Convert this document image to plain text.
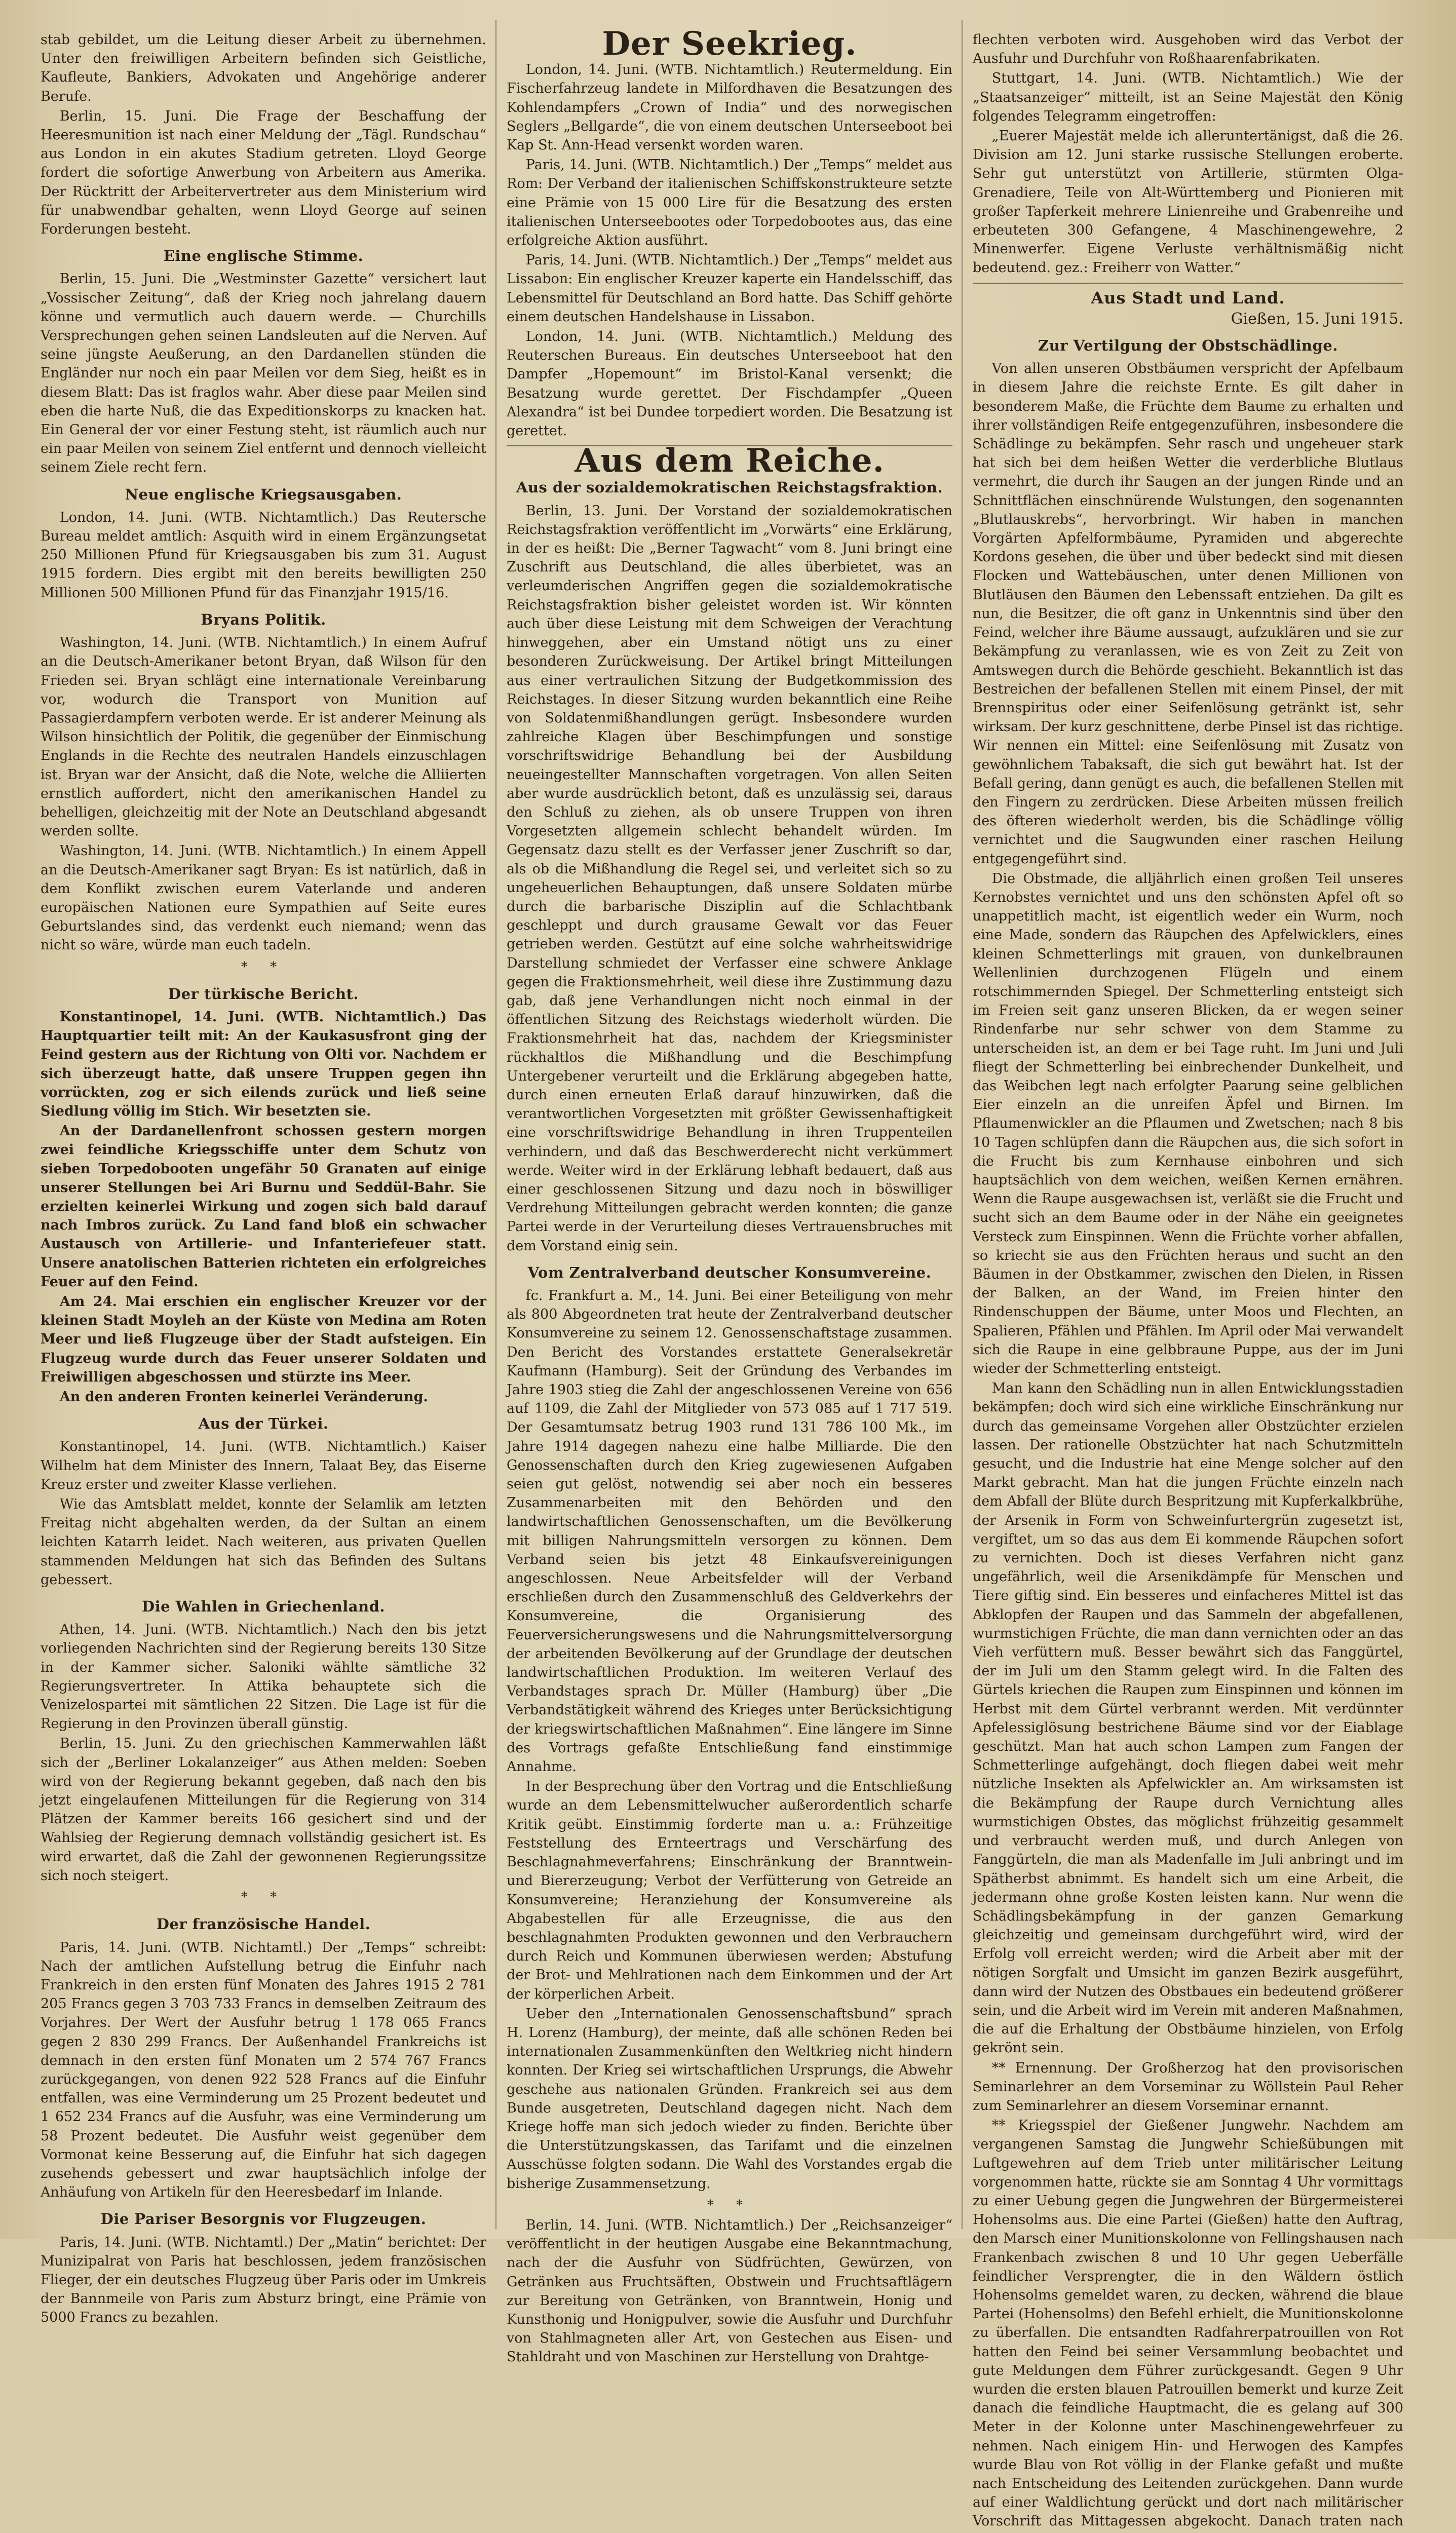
stab gebildet, um die Leitung dieser Arbeit zu übernehmen. Unter den freiwilligen Arbeitern befinden sich Geistliche, Kaufleute, Bankiers, Advokaten und Angehörige anderer Berufe.

Berlin, 15. Juni. Die Frage der Beschaffung der Heeresmunition ist nach einer Meldung der „Tägl. Rundschau“ aus London in ein akutes Stadium getreten. Lloyd George fordert die sofortige Anwerbung von Arbeitern aus Amerika. Der Rücktritt der Arbeitervertreter aus dem Ministerium wird für unabwendbar gehalten, wenn Lloyd George auf seinen Forderungen besteht.

Eine englische Stimme.

Berlin, 15. Juni. Die „Westminster Gazette“ versichert laut „Vossischer Zeitung“, daß der Krieg noch jahrelang dauern könne und vermutlich auch dauern werde. — Churchills Versprechungen gehen seinen Landsleuten auf die Nerven. Auf seine jüngste Aeußerung, an den Dardanellen stünden die Engländer nur noch ein paar Meilen vor dem Sieg, heißt es in diesem Blatt: Das ist fraglos wahr. Aber diese paar Meilen sind eben die harte Nuß, die das Expeditionskorps zu knacken hat. Ein General der vor einer Festung steht, ist räumlich auch nur ein paar Meilen von seinem Ziel entfernt und dennoch vielleicht seinem Ziele recht fern.

Neue englische Kriegsausgaben.

London, 14. Juni. (WTB. Nichtamtlich.) Das Reutersche Bureau meldet amtlich: Asquith wird in einem Ergänzungsetat 250 Millionen Pfund für Kriegsausgaben bis zum 31. August 1915 fordern. Dies ergibt mit den bereits bewilligten 250 Millionen 500 Millionen Pfund für das Finanzjahr 1915/16.

Bryans Politik.

Washington, 14. Juni. (WTB. Nichtamtlich.) In einem Aufruf an die Deutsch-Amerikaner betont Bryan, daß Wilson für den Frieden sei. Bryan schlägt eine internationale Vereinbarung vor, wodurch die Transport von Munition auf Passagierdampfern verboten werde. Er ist anderer Meinung als Wilson hinsichtlich der Politik, die gegenüber der Einmischung Englands in die Rechte des neutralen Handels einzuschlagen ist. Bryan war der Ansicht, daß die Note, welche die Alliierten ernstlich auffordert, nicht den amerikanischen Handel zu behelligen, gleichzeitig mit der Note an Deutschland abgesandt werden sollte.

Washington, 14. Juni. (WTB. Nichtamtlich.) In einem Appell an die Deutsch-Amerikaner sagt Bryan: Es ist natürlich, daß in dem Konflikt zwischen eurem Vaterlande und anderen europäischen Nationen eure Sympathien auf Seite eures Geburtslandes sind, das verdenkt euch niemand; wenn das nicht so wäre, würde man euch tadeln.

* *
Der türkische Bericht.

Konstantinopel, 14. Juni. (WTB. Nichtamtlich.) Das Hauptquartier teilt mit: An der Kaukasusfront ging der Feind gestern aus der Richtung von Olti vor. Nachdem er sich überzeugt hatte, daß unsere Truppen gegen ihn vorrückten, zog er sich eilends zurück und ließ seine Siedlung völlig im Stich. Wir besetzten sie.

An der Dardanellenfront schossen gestern morgen zwei feindliche Kriegsschiffe unter dem Schutz von sieben Torpedobooten ungefähr 50 Granaten auf einige unserer Stellungen bei Ari Burnu und Seddül-Bahr. Sie erzielten keinerlei Wirkung und zogen sich bald darauf nach Imbros zurück. Zu Land fand bloß ein schwacher Austausch von Artillerie- und Infanteriefeuer statt. Unsere anatolischen Batterien richteten ein erfolgreiches Feuer auf den Feind.

Am 24. Mai erschien ein englischer Kreuzer vor der kleinen Stadt Moyleh an der Küste von Medina am Roten Meer und ließ Flugzeuge über der Stadt aufsteigen. Ein Flugzeug wurde durch das Feuer unserer Soldaten und Freiwilligen abgeschossen und stürzte ins Meer.

An den anderen Fronten keinerlei Veränderung.

Aus der Türkei.

Konstantinopel, 14. Juni. (WTB. Nichtamtlich.) Kaiser Wilhelm hat dem Minister des Innern, Talaat Bey, das Eiserne Kreuz erster und zweiter Klasse verliehen.

Wie das Amtsblatt meldet, konnte der Selamlik am letzten Freitag nicht abgehalten werden, da der Sultan an einem leichten Katarrh leidet. Nach weiteren, aus privaten Quellen stammenden Meldungen hat sich das Befinden des Sultans gebessert.

Die Wahlen in Griechenland.

Athen, 14. Juni. (WTB. Nichtamtlich.) Nach den bis jetzt vorliegenden Nachrichten sind der Regierung bereits 130 Sitze in der Kammer sicher. Saloniki wählte sämtliche 32 Regierungsvertreter. In Attika behauptete sich die Venizelospartei mit sämtlichen 22 Sitzen. Die Lage ist für die Regierung in den Provinzen überall günstig.

Berlin, 15. Juni. Zu den griechischen Kammerwahlen läßt sich der „Berliner Lokalanzeiger“ aus Athen melden: Soeben wird von der Regierung bekannt gegeben, daß nach den bis jetzt eingelaufenen Mitteilungen für die Regierung von 314 Plätzen der Kammer bereits 166 gesichert sind und der Wahlsieg der Regierung demnach vollständig gesichert ist. Es wird erwartet, daß die Zahl der gewonnenen Regierungssitze sich noch steigert.

* *
Der französische Handel.

Paris, 14. Juni. (WTB. Nichtamtl.) Der „Temps“ schreibt: Nach der amtlichen Aufstellung betrug die Einfuhr nach Frankreich in den ersten fünf Monaten des Jahres 1915 2 781 205 Francs gegen 3 703 733 Francs in demselben Zeitraum des Vorjahres. Der Wert der Ausfuhr betrug 1 178 065 Francs gegen 2 830 299 Francs. Der Außenhandel Frankreichs ist demnach in den ersten fünf Monaten um 2 574 767 Francs zurückgegangen, von denen 922 528 Francs auf die Einfuhr entfallen, was eine Verminderung um 25 Prozent bedeutet und 1 652 234 Francs auf die Ausfuhr, was eine Verminderung um 58 Prozent bedeutet. Die Ausfuhr weist gegenüber dem Vormonat keine Besserung auf, die Einfuhr hat sich dagegen zusehends gebessert und zwar hauptsächlich infolge der Anhäufung von Artikeln für den Heeresbedarf im Inlande.

Die Pariser Besorgnis vor Flugzeugen.

Paris, 14. Juni. (WTB. Nichtamtl.) Der „Matin“ berichtet: Der Munizipalrat von Paris hat beschlossen, jedem französischen Flieger, der ein deutsches Flugzeug über Paris oder im Umkreis der Bannmeile von Paris zum Absturz bringt, eine Prämie von 5000 Francs zu bezahlen.

Der Seekrieg.

London, 14. Juni. (WTB. Nichtamtlich.) Reutermeldung. Ein Fischerfahrzeug landete in Milfordhaven die Besatzungen des Kohlendampfers „Crown of India“ und des norwegischen Seglers „Bellgarde“, die von einem deutschen Unterseeboot bei Kap St. Ann-Head versenkt worden waren.

Paris, 14. Juni. (WTB. Nichtamtlich.) Der „Temps“ meldet aus Rom: Der Verband der italienischen Schiffskonstrukteure setzte eine Prämie von 15 000 Lire für die Besatzung des ersten italienischen Unterseebootes oder Torpedobootes aus, das eine erfolgreiche Aktion ausführt.

Paris, 14. Juni. (WTB. Nichtamtlich.) Der „Temps“ meldet aus Lissabon: Ein englischer Kreuzer kaperte ein Handelsschiff, das Lebensmittel für Deutschland an Bord hatte. Das Schiff gehörte einem deutschen Handelshause in Lissabon.

London, 14. Juni. (WTB. Nichtamtlich.) Meldung des Reuterschen Bureaus. Ein deutsches Unterseeboot hat den Dampfer „Hopemount“ im Bristol-Kanal versenkt; die Besatzung wurde gerettet. Der Fischdampfer „Queen Alexandra“ ist bei Dundee torpediert worden. Die Besatzung ist gerettet.

Aus dem Reiche.
Aus der sozialdemokratischen Reichstagsfraktion.

Berlin, 13. Juni. Der Vorstand der sozialdemokratischen Reichstagsfraktion veröffentlicht im „Vorwärts“ eine Erklärung, in der es heißt: Die „Berner Tagwacht“ vom 8. Juni bringt eine Zuschrift aus Deutschland, die alles überbietet, was an verleumderischen Angriffen gegen die sozialdemokratische Reichstagsfraktion bisher geleistet worden ist. Wir könnten auch über diese Leistung mit dem Schweigen der Verachtung hinweggehen, aber ein Umstand nötigt uns zu einer besonderen Zurückweisung. Der Artikel bringt Mitteilungen aus einer vertraulichen Sitzung der Budgetkommission des Reichstages. In dieser Sitzung wurden bekanntlich eine Reihe von Soldatenmißhandlungen gerügt. Insbesondere wurden zahlreiche Klagen über Beschimpfungen und sonstige vorschriftswidrige Behandlung bei der Ausbildung neueingestellter Mannschaften vorgetragen. Von allen Seiten aber wurde ausdrücklich betont, daß es unzulässig sei, daraus den Schluß zu ziehen, als ob unsere Truppen von ihren Vorgesetzten allgemein schlecht behandelt würden. Im Gegensatz dazu stellt es der Verfasser jener Zuschrift so dar, als ob die Mißhandlung die Regel sei, und verleitet sich so zu ungeheuerlichen Behauptungen, daß unsere Soldaten mürbe durch die barbarische Disziplin auf die Schlachtbank geschleppt und durch grausame Gewalt vor das Feuer getrieben werden. Gestützt auf eine solche wahrheitswidrige Darstellung schmiedet der Verfasser eine schwere Anklage gegen die Fraktionsmehrheit, weil diese ihre Zustimmung dazu gab, daß jene Verhandlungen nicht noch einmal in der öffentlichen Sitzung des Reichstags wiederholt würden. Die Fraktionsmehrheit hat das, nachdem der Kriegsminister rückhaltlos die Mißhandlung und die Beschimpfung Untergebener verurteilt und die Erklärung abgegeben hatte, durch einen erneuten Erlaß darauf hinzuwirken, daß die verantwortlichen Vorgesetzten mit größter Gewissenhaftigkeit eine vorschriftswidrige Behandlung in ihren Truppenteilen verhindern, und daß das Beschwerderecht nicht verkümmert werde. Weiter wird in der Erklärung lebhaft bedauert, daß aus einer geschlossenen Sitzung und dazu noch in böswilliger Verdrehung Mitteilungen gebracht werden konnten; die ganze Partei werde in der Verurteilung dieses Vertrauensbruches mit dem Vorstand einig sein.

Vom Zentralverband deutscher Konsumvereine.

fc. Frankfurt a. M., 14. Juni. Bei einer Beteiligung von mehr als 800 Abgeordneten trat heute der Zentralverband deutscher Konsumvereine zu seinem 12. Genossenschaftstage zusammen. Den Bericht des Vorstandes erstattete Generalsekretär Kaufmann (Hamburg). Seit der Gründung des Verbandes im Jahre 1903 stieg die Zahl der angeschlossenen Vereine von 656 auf 1109, die Zahl der Mitglieder von 573 085 auf 1 717 519. Der Gesamtumsatz betrug 1903 rund 131 786 100 Mk., im Jahre 1914 dagegen nahezu eine halbe Milliarde. Die den Genossenschaften durch den Krieg zugewiesenen Aufgaben seien gut gelöst, notwendig sei aber noch ein besseres Zusammenarbeiten mit den Behörden und den landwirtschaftlichen Genossenschaften, um die Bevölkerung mit billigen Nahrungsmitteln versorgen zu können. Dem Verband seien bis jetzt 48 Einkaufsvereinigungen angeschlossen. Neue Arbeitsfelder will der Verband erschließen durch den Zusammenschluß des Geldverkehrs der Konsumvereine, die Organisierung des Feuerversicherungswesens und die Nahrungsmittelversorgung der arbeitenden Bevölkerung auf der Grundlage der deutschen landwirtschaftlichen Produktion. Im weiteren Verlauf des Verbandstages sprach Dr. Müller (Hamburg) über „Die Verbandstätigkeit während des Krieges unter Berücksichtigung der kriegswirtschaftlichen Maßnahmen“. Eine längere im Sinne des Vortrags gefaßte Entschließung fand einstimmige Annahme.

In der Besprechung über den Vortrag und die Entschließung wurde an dem Lebensmittelwucher außerordentlich scharfe Kritik geübt. Einstimmig forderte man u. a.: Frühzeitige Feststellung des Ernteertrags und Verschärfung des Beschlagnahmeverfahrens; Einschränkung der Branntwein- und Biererzeugung; Verbot der Verfütterung von Getreide an Konsumvereine; Heranziehung der Konsumvereine als Abgabestellen für alle Erzeugnisse, die aus den beschlagnahmten Produkten gewonnen und den Verbrauchern durch Reich und Kommunen überwiesen werden; Abstufung der Brot- und Mehlrationen nach dem Einkommen und der Art der körperlichen Arbeit.

Ueber den „Internationalen Genossenschaftsbund“ sprach H. Lorenz (Hamburg), der meinte, daß alle schönen Reden bei internationalen Zusammenkünften den Weltkrieg nicht hindern konnten. Der Krieg sei wirtschaftlichen Ursprungs, die Abwehr geschehe aus nationalen Gründen. Frankreich sei aus dem Bunde ausgetreten, Deutschland dagegen nicht. Nach dem Kriege hoffe man sich jedoch wieder zu finden. Berichte über die Unterstützungskassen, das Tarifamt und die einzelnen Ausschüsse folgten sodann. Die Wahl des Vorstandes ergab die bisherige Zusammensetzung.

* *

Berlin, 14. Juni. (WTB. Nichtamtlich.) Der „Reichsanzeiger“ veröffentlicht in der heutigen Ausgabe eine Bekanntmachung, nach der die Ausfuhr von Südfrüchten, Gewürzen, von Getränken aus Fruchtsäften, Obstwein und Fruchtsaftlägern zur Bereitung von Getränken, von Branntwein, Honig und Kunsthonig und Honigpulver, sowie die Ausfuhr und Durchfuhr von Stahlmagneten aller Art, von Gestechen aus Eisen- und Stahldraht und von Maschinen zur Herstellung von Drahtge-

flechten verboten wird. Ausgehoben wird das Verbot der Ausfuhr und Durchfuhr von Roßhaarenfabrikaten.

Stuttgart, 14. Juni. (WTB. Nichtamtlich.) Wie der „Staatsanzeiger“ mitteilt, ist an Seine Majestät den König folgendes Telegramm eingetroffen:

„Euerer Majestät melde ich alleruntertänigst, daß die 26. Division am 12. Juni starke russische Stellungen eroberte. Sehr gut unterstützt von Artillerie, stürmten Olga-Grenadiere, Teile von Alt-Württemberg und Pionieren mit großer Tapferkeit mehrere Linienreihe und Grabenreihe und erbeuteten 300 Gefangene, 4 Maschinengewehre, 2 Minenwerfer. Eigene Verluste verhältnismäßig nicht bedeutend. gez.: Freiherr von Watter.“

Aus Stadt und Land.
Gießen, 15. Juni 1915.
Zur Vertilgung der Obstschädlinge.

Von allen unseren Obstbäumen verspricht der Apfelbaum in diesem Jahre die reichste Ernte. Es gilt daher in besonderem Maße, die Früchte dem Baume zu erhalten und ihrer vollständigen Reife entgegenzuführen, insbesondere die Schädlinge zu bekämpfen. Sehr rasch und ungeheuer stark hat sich bei dem heißen Wetter die verderbliche Blutlaus vermehrt, die durch ihr Saugen an der jungen Rinde und an Schnittflächen einschnürende Wulstungen, den sogenannten „Blutlauskrebs“, hervorbringt. Wir haben in manchen Vorgärten Apfelformbäume, Pyramiden und abgerechte Kordons gesehen, die über und über bedeckt sind mit diesen Flocken und Wattebäuschen, unter denen Millionen von Blutläusen den Bäumen den Lebenssaft entziehen. Da gilt es nun, die Besitzer, die oft ganz in Unkenntnis sind über den Feind, welcher ihre Bäume aussaugt, aufzuklären und sie zur Bekämpfung zu veranlassen, wie es von Zeit zu Zeit von Amtswegen durch die Behörde geschieht. Bekanntlich ist das Bestreichen der befallenen Stellen mit einem Pinsel, der mit Brennspiritus oder einer Seifenlösung getränkt ist, sehr wirksam. Der kurz geschnittene, derbe Pinsel ist das richtige. Wir nennen ein Mittel: eine Seifenlösung mit Zusatz von gewöhnlichem Tabaksaft, die sich gut bewährt hat. Ist der Befall gering, dann genügt es auch, die befallenen Stellen mit den Fingern zu zerdrücken. Diese Arbeiten müssen freilich des öfteren wiederholt werden, bis die Schädlinge völlig vernichtet und die Saugwunden einer raschen Heilung entgegengeführt sind.

Die Obstmade, die alljährlich einen großen Teil unseres Kernobstes vernichtet und uns den schönsten Apfel oft so unappetitlich macht, ist eigentlich weder ein Wurm, noch eine Made, sondern das Räupchen des Apfelwicklers, eines kleinen Schmetterlings mit grauen, von dunkelbraunen Wellenlinien durchzogenen Flügeln und einem rotschimmernden Spiegel. Der Schmetterling entsteigt sich im Freien seit ganz unseren Blicken, da er wegen seiner Rindenfarbe nur sehr schwer von dem Stamme zu unterscheiden ist, an dem er bei Tage ruht. Im Juni und Juli fliegt der Schmetterling bei einbrechender Dunkelheit, und das Weibchen legt nach erfolgter Paarung seine gelblichen Eier einzeln an die unreifen Äpfel und Birnen. Im Pflaumenwickler an die Pflaumen und Zwetschen; nach 8 bis 10 Tagen schlüpfen dann die Räupchen aus, die sich sofort in die Frucht bis zum Kernhause einbohren und sich hauptsächlich von dem weichen, weißen Kernen ernähren. Wenn die Raupe ausgewachsen ist, verläßt sie die Frucht und sucht sich an dem Baume oder in der Nähe ein geeignetes Versteck zum Einspinnen. Wenn die Früchte vorher abfallen, so kriecht sie aus den Früchten heraus und sucht an den Bäumen in der Obstkammer, zwischen den Dielen, in Rissen der Balken, an der Wand, im Freien hinter den Rindenschuppen der Bäume, unter Moos und Flechten, an Spalieren, Pfählen und Pfählen. Im April oder Mai verwandelt sich die Raupe in eine gelbbraune Puppe, aus der im Juni wieder der Schmetterling entsteigt.

Man kann den Schädling nun in allen Entwicklungsstadien bekämpfen; doch wird sich eine wirkliche Einschränkung nur durch das gemeinsame Vorgehen aller Obstzüchter erzielen lassen. Der rationelle Obstzüchter hat nach Schutzmitteln gesucht, und die Industrie hat eine Menge solcher auf den Markt gebracht. Man hat die jungen Früchte einzeln nach dem Abfall der Blüte durch Bespritzung mit Kupferkalkbrühe, der Arsenik in Form von Schweinfurtergrün zugesetzt ist, vergiftet, um so das aus dem Ei kommende Räupchen sofort zu vernichten. Doch ist dieses Verfahren nicht ganz ungefährlich, weil die Arsenikdämpfe für Menschen und Tiere giftig sind. Ein besseres und einfacheres Mittel ist das Abklopfen der Raupen und das Sammeln der abgefallenen, wurmstichigen Früchte, die man dann vernichten oder an das Vieh verfüttern muß. Besser bewährt sich das Fanggürtel, der im Juli um den Stamm gelegt wird. In die Falten des Gürtels kriechen die Raupen zum Einspinnen und können im Herbst mit dem Gürtel verbrannt werden. Mit verdünnter Apfelessiglösung bestrichene Bäume sind vor der Eiablage geschützt. Man hat auch schon Lampen zum Fangen der Schmetterlinge aufgehängt, doch fliegen dabei weit mehr nützliche Insekten als Apfelwickler an. Am wirksamsten ist die Bekämpfung der Raupe durch Vernichtung alles wurmstichigen Obstes, das möglichst frühzeitig gesammelt und verbraucht werden muß, und durch Anlegen von Fanggürteln, die man als Madenfalle im Juli anbringt und im Spätherbst abnimmt. Es handelt sich um eine Arbeit, die jedermann ohne große Kosten leisten kann. Nur wenn die Schädlingsbekämpfung in der ganzen Gemarkung gleichzeitig und gemeinsam durchgeführt wird, wird der Erfolg voll erreicht werden; wird die Arbeit aber mit der nötigen Sorgfalt und Umsicht im ganzen Bezirk ausgeführt, dann wird der Nutzen des Obstbaues ein bedeutend größerer sein, und die Arbeit wird im Verein mit anderen Maßnahmen, die auf die Erhaltung der Obstbäume hinzielen, von Erfolg gekrönt sein.

** Ernennung. Der Großherzog hat den provisorischen Seminarlehrer an dem Vorseminar zu Wöllstein Paul Reher zum Seminarlehrer an diesem Vorseminar ernannt.

** Kriegsspiel der Gießener Jungwehr. Nachdem am vergangenen Samstag die Jungwehr Schießübungen mit Luftgewehren auf dem Trieb unter militärischer Leitung vorgenommen hatte, rückte sie am Sonntag 4 Uhr vormittags zu einer Uebung gegen die Jungwehren der Bürgermeisterei Hohensolms aus. Die eine Partei (Gießen) hatte den Auftrag, den Marsch einer Munitionskolonne von Fellingshausen nach Frankenbach zwischen 8 und 10 Uhr gegen Ueberfälle feindlicher Versprengter, die in den Wäldern östlich Hohensolms gemeldet waren, zu decken, während die blaue Partei (Hohensolms) den Befehl erhielt, die Munitionskolonne zu überfallen. Die entsandten Radfahrerpatrouillen von Rot hatten den Feind bei seiner Versammlung beobachtet und gute Meldungen dem Führer zurückgesandt. Gegen 9 Uhr wurden die ersten blauen Patrouillen bemerkt und kurze Zeit danach die feindliche Hauptmacht, die es gelang auf 300 Meter in der Kolonne unter Maschinengewehrfeuer zu nehmen. Nach einigem Hin- und Herwogen des Kampfes wurde Blau von Rot völlig in der Flanke gefaßt und mußte nach Entscheidung des Leitenden zurückgehen. Dann wurde auf einer Waldlichtung gerückt und dort nach militärischer Vorschrift das Mittagessen abgekocht. Danach traten nach
